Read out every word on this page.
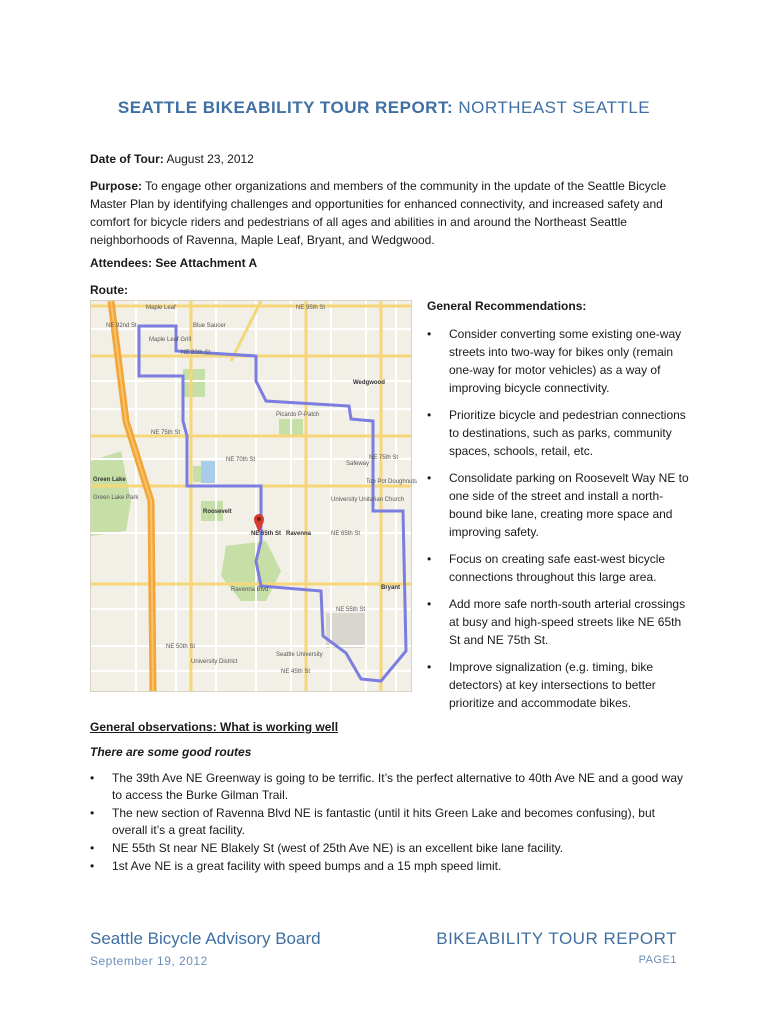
SEATTLE BIKEABILITY TOUR REPORT: NORTHEAST SEATTLE
Date of Tour: August 23, 2012
Purpose: To engage other organizations and members of the community in the update of the Seattle Bicycle Master Plan by identifying challenges and opportunities for enhanced connectivity, and increased safety and comfort for bicycle riders and pedestrians of all ages and abilities in and around the Northeast Seattle neighborhoods of Ravenna, Maple Leaf, Bryant, and Wedgwood.
Attendees: See Attachment A
Route:
Maple Leaf	NE 95th St
NE 92nd St	Blue Saucer
Maple Leaf Grill
NE 80th St
Wedgwood
NE 75th St
NE 75th St
NE 70th St
Green Lake
Green Lake Park
Roosevelt
NE 65th St Ravenna	NE 65th St
Bryant
NE 55th St
NE 50th St
NE 45th St
University District
Safeway
Picardo P-Patch
Top Pot Doughnuts
University Unitarian Church
Ravenna Blvd
Seattle University
General Recommendations:
• Consider converting some existing one-way streets into two-way for bikes only (remain one-way for motor vehicles) as a way of improving bicycle connectivity.
• Prioritize bicycle and pedestrian connections to destinations, such as parks, community spaces, schools, retail, etc.
• Consolidate parking on Roosevelt Way NE to one side of the street and install a north-bound bike lane, creating more space and improving safety.
• Focus on creating safe east-west bicycle connections throughout this large area.
• Add more safe north-south arterial crossings at busy and high-speed streets like NE 65th St and NE 75th St.
• Improve signalization (e.g. timing, bike detectors) at key intersections to better prioritize and accommodate bikes.
General observations: What is working well
There are some good routes
• The 39th Ave NE Greenway is going to be terrific. It’s the perfect alternative to 40th Ave NE and a good way to access the Burke Gilman Trail.
• The new section of Ravenna Blvd NE is fantastic (until it hits Green Lake and becomes confusing), but overall it’s a great facility.
• NE 55th St near NE Blakely St (west of 25th Ave NE) is an excellent bike lane facility.
• 1st Ave NE is a great facility with speed bumps and a 15 mph speed limit.
Seattle Bicycle Advisory Board	BIKEABILITY TOUR REPORT
September 19, 2012	PAGE1
